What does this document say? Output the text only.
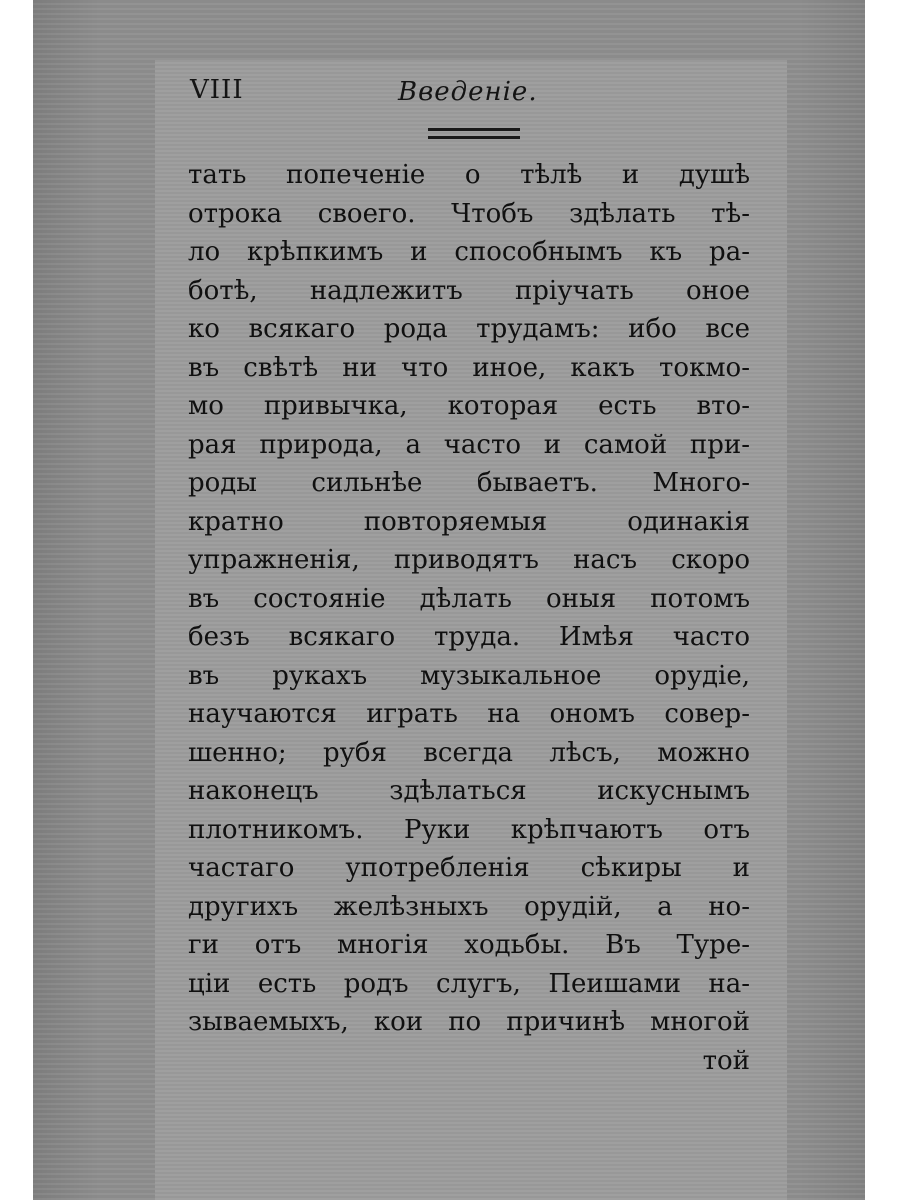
VIII	Введеніе.
тать попеченіе о тѣлѣ и душѣ
отрока своего. Чтобъ здѣлать тѣ-
ло крѣпкимъ и способнымъ къ ра-
ботѣ, надлежитъ пріучать оное
ко всякаго рода трудамъ: ибо все
въ свѣтѣ ни что иное, какъ токмо-
мо привычка, которая есть вто-
рая природа, а часто и самой при-
роды сильнѣе бываетъ. Много-
кратно повторяемыя одинакія
упражненія, приводятъ насъ скоро
въ состояніе дѣлать оныя потомъ
безъ всякаго труда. Имѣя часто
въ рукахъ музыкальное орудіе,
научаются играть на ономъ совер-
шенно; рубя всегда лѣсъ, можно
наконецъ здѣлаться искуснымъ
плотникомъ. Руки крѣпчаютъ отъ
частаго употребленія сѣкиры и
другихъ желѣзныхъ орудій, а но-
ги отъ многія ходьбы. Въ Туре-
ціи есть родъ слугъ, Пеишами на-
зываемыхъ, кои по причинѣ многой
той
